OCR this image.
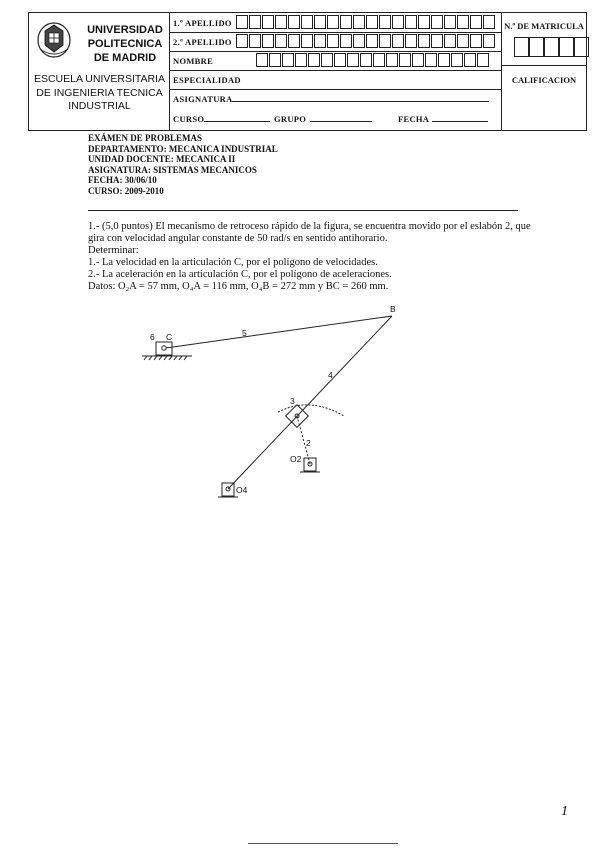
UNIVERSIDAD
POLITECNICA
DE MADRID
ESCUELA UNIVERSITARIA
DE INGENIERIA TECNICA
INDUSTRIAL
1.º APELLIDO
2.º APELLIDO
NOMBRE
ESPECIALIDAD
ASIGNATURA
CURSO	GRUPO	FECHA
N.º DE MATRICULA
CALIFICACION
EXÁMEN DE PROBLEMAS
DEPARTAMENTO: MECANICA INDUSTRIAL
UNIDAD DOCENTE: MECANICA II
ASIGNATURA: SISTEMAS MECANICOS
FECHA: 30/06/10
CURSO: 2009-2010

1.- (5,0 puntos) El mecanismo de retroceso rápido de la figura, se encuentra movido por el eslabón 2, que gira con velocidad angular constante de 50 rad/s en sentido antihorario.

Determinar:

1.- La velocidad en la articulación C, por el polígono de velocidades.

2.- La aceleración en la articulación C, por el polígono de aceleraciones.

Datos: O₂A = 57 mm, O₄A = 116 mm, O₄B = 272 mm y BC = 260 mm.

B
C
6	5
4
3
2
O2
O4
1
